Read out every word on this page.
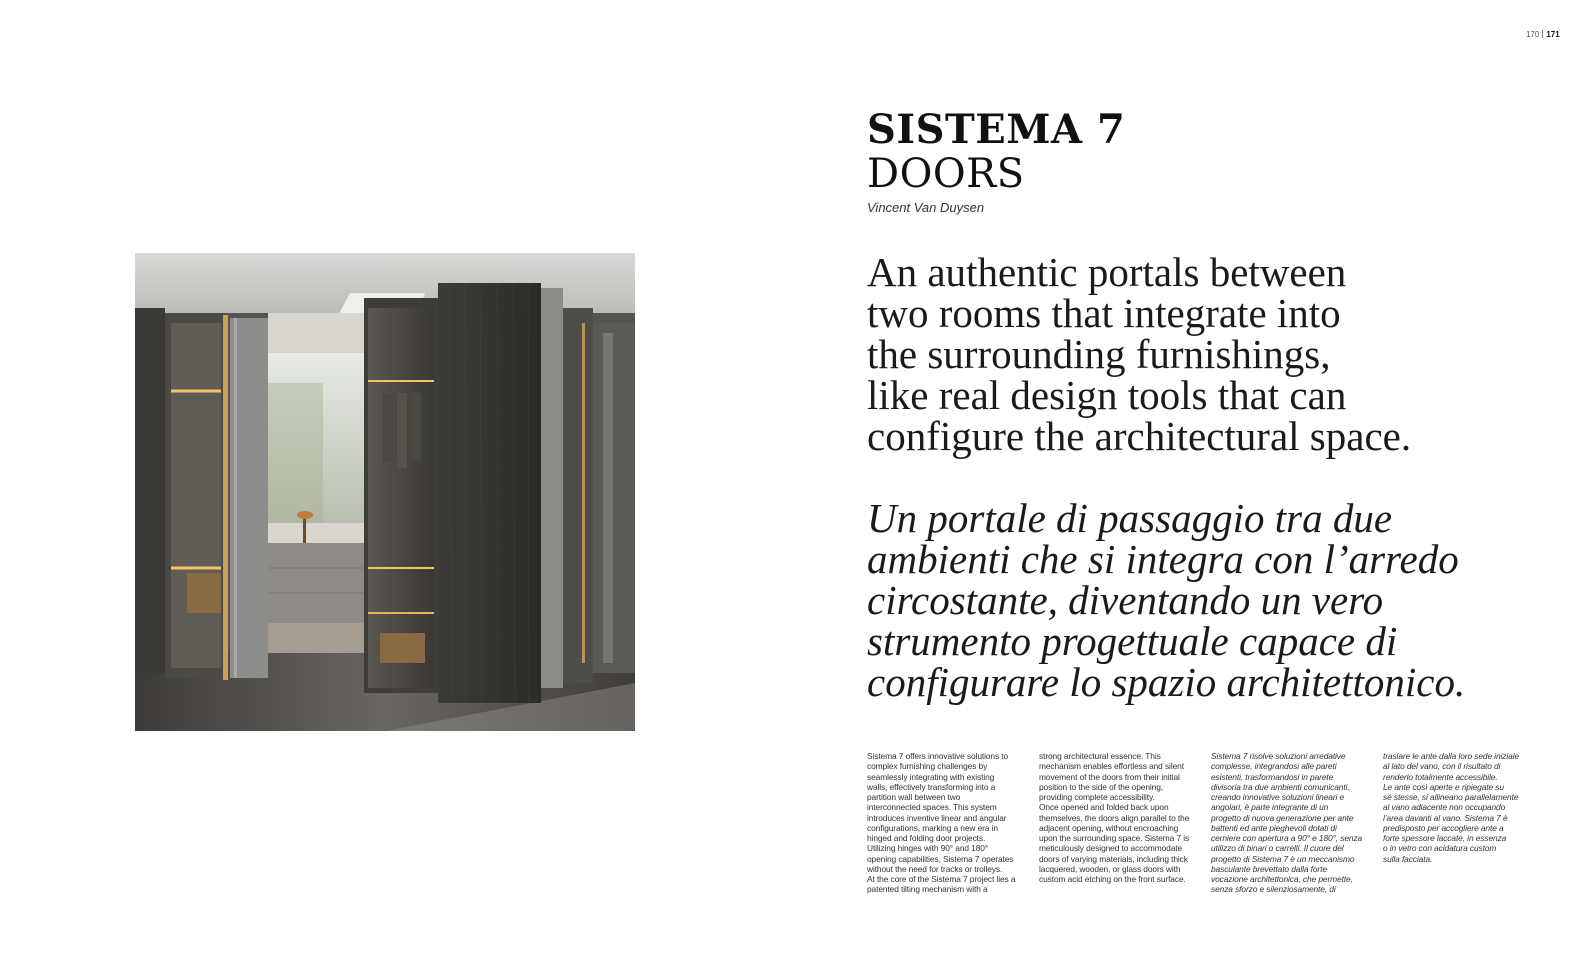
170 171
SISTEMA 7
DOORS
Vincent Van Duysen

An authentic portals between
two rooms that integrate into
the surrounding furnishings,
like real design tools that can
configure the architectural space.

Un portale di passaggio tra due
ambienti che si integra con l’arredo
circostante, diventando un vero
strumento progettuale capace di
configurare lo spazio architettonico.

Sistema 7 offers innovative solutions to
complex furnishing challenges by
seamlessly integrating with existing
walls, effectively transforming into a
partition wall between two
interconnected spaces. This system
introduces inventive linear and angular
configurations, marking a new era in
hinged and folding door projects.
Utilizing hinges with 90° and 180°
opening capabilities, Sistema 7 operates
without the need for tracks or trolleys.
At the core of the Sistema 7 project lies a
patented tilting mechanism with a
strong architectural essence. This
mechanism enables effortless and silent
movement of the doors from their initial
position to the side of the opening,
providing complete accessibility.
Once opened and folded back upon
themselves, the doors align parallel to the
adjacent opening, without encroaching
upon the surrounding space. Sistema 7 is
meticulously designed to accommodate
doors of varying materials, including thick
lacquered, wooden, or glass doors with
custom acid etching on the front surface.
Sistema 7 risolve soluzioni arredative
complesse, integrandosi alle pareti
esistenti, trasformandosi in parete
divisoria tra due ambienti comunicanti,
creando innovative soluzioni lineari e
angolari, è parte integrante di un
progetto di nuova generazione per ante
battenti ed ante pieghevoli dotati di
cerniere con apertura a 90° e 180°, senza
utilizzo di binari o carrelli. Il cuore del
progetto di Sistema 7 è un meccanismo
basculante brevettato dalla forte
vocazione architettonica, che permette,
senza sforzo e silenziosamente, di
traslare le ante dalla loro sede iniziale
al lato del vano, con il risultato di
renderlo totalmente accessibile.
Le ante così aperte e ripiegate su
sé stesse, si allineano parallelamente
al vano adiacente non occupando
l’area davanti al vano. Sistema 7 è
predisposto per accogliere ante a
forte spessore laccate, in essenza
o in vetro con acidatura custom
sulla facciata.
